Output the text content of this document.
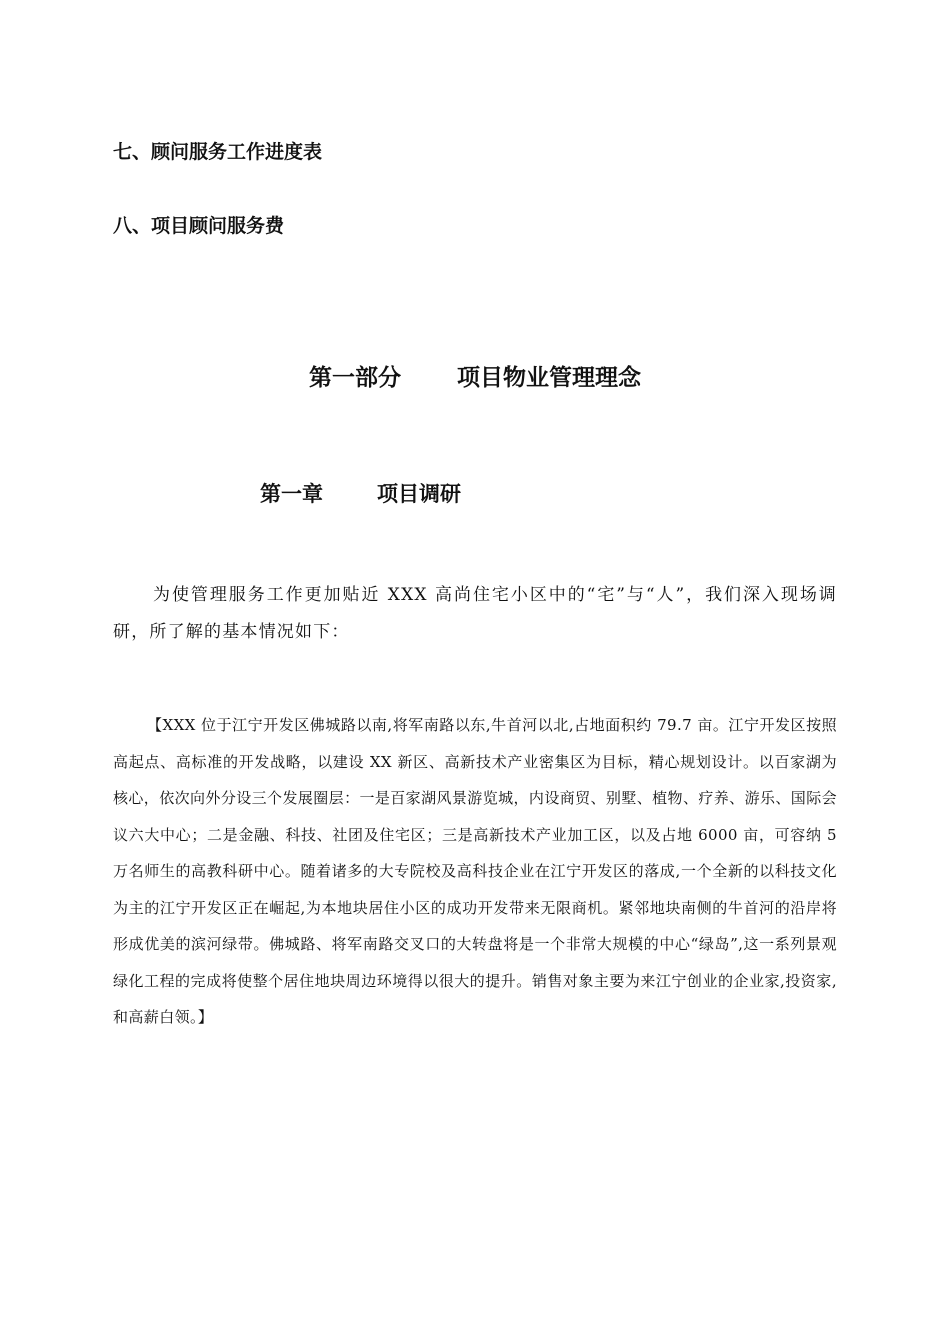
七、顾问服务工作进度表
八、项目顾问服务费
第一部分 项目物业管理理念
第一章	项目调研

为使管理服务工作更加贴近 XXX 高尚住宅小区中的“宅”与“人”，我们深入现场调研，所了解的基本情况如下：

【XXX 位于江宁开发区佛城路以南,将军南路以东,牛首河以北,占地面积约 79.7 亩。江宁开发区按照高起点、高标准的开发战略，以建设 XX 新区、高新技术产业密集区为目标，精心规划设计。以百家湖为核心，依次向外分设三个发展圈层：一是百家湖风景游览城，内设商贸、别墅、植物、疗养、游乐、国际会议六大中心；二是金融、科技、社团及住宅区；三是高新技术产业加工区，以及占地 6000 亩，可容纳 5 万名师生的高教科研中心。随着诸多的大专院校及高科技企业在江宁开发区的落成,一个全新的以科技文化为主的江宁开发区正在崛起,为本地块居住小区的成功开发带来无限商机。紧邻地块南侧的牛首河的沿岸将形成优美的滨河绿带。佛城路、将军南路交叉口的大转盘将是一个非常大规模的中心“绿岛”,这一系列景观绿化工程的完成将使整个居住地块周边环境得以很大的提升。销售对象主要为来江宁创业的企业家,投资家,和高薪白领。】
